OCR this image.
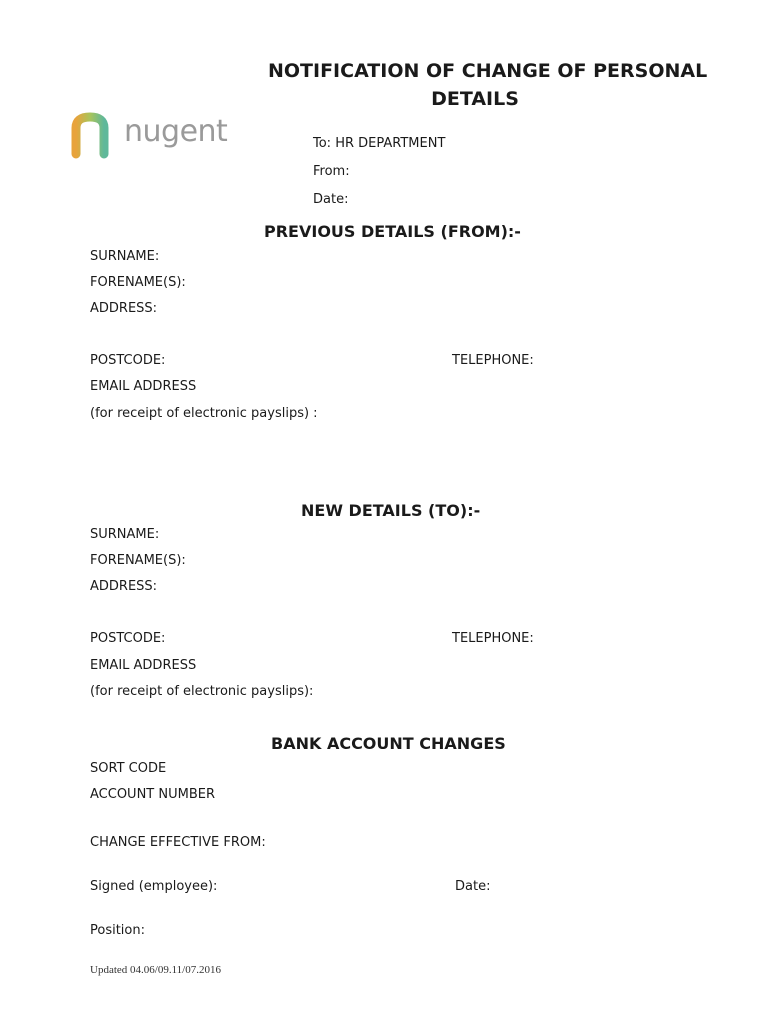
nugent
NOTIFICATION OF CHANGE OF PERSONAL
DETAILS
To: HR DEPARTMENT
From:
Date:
PREVIOUS DETAILS (FROM):-
SURNAME:
FORENAME(S):
ADDRESS:
POSTCODE:	TELEPHONE:
EMAIL ADDRESS
(for receipt of electronic payslips) :
NEW DETAILS (TO):-
SURNAME:
FORENAME(S):
ADDRESS:
POSTCODE:	TELEPHONE:
EMAIL ADDRESS
(for receipt of electronic payslips):
BANK ACCOUNT CHANGES
SORT CODE
ACCOUNT NUMBER
CHANGE EFFECTIVE FROM:
Signed (employee):	Date:
Position:
Updated 04.06/09.11/07.2016
